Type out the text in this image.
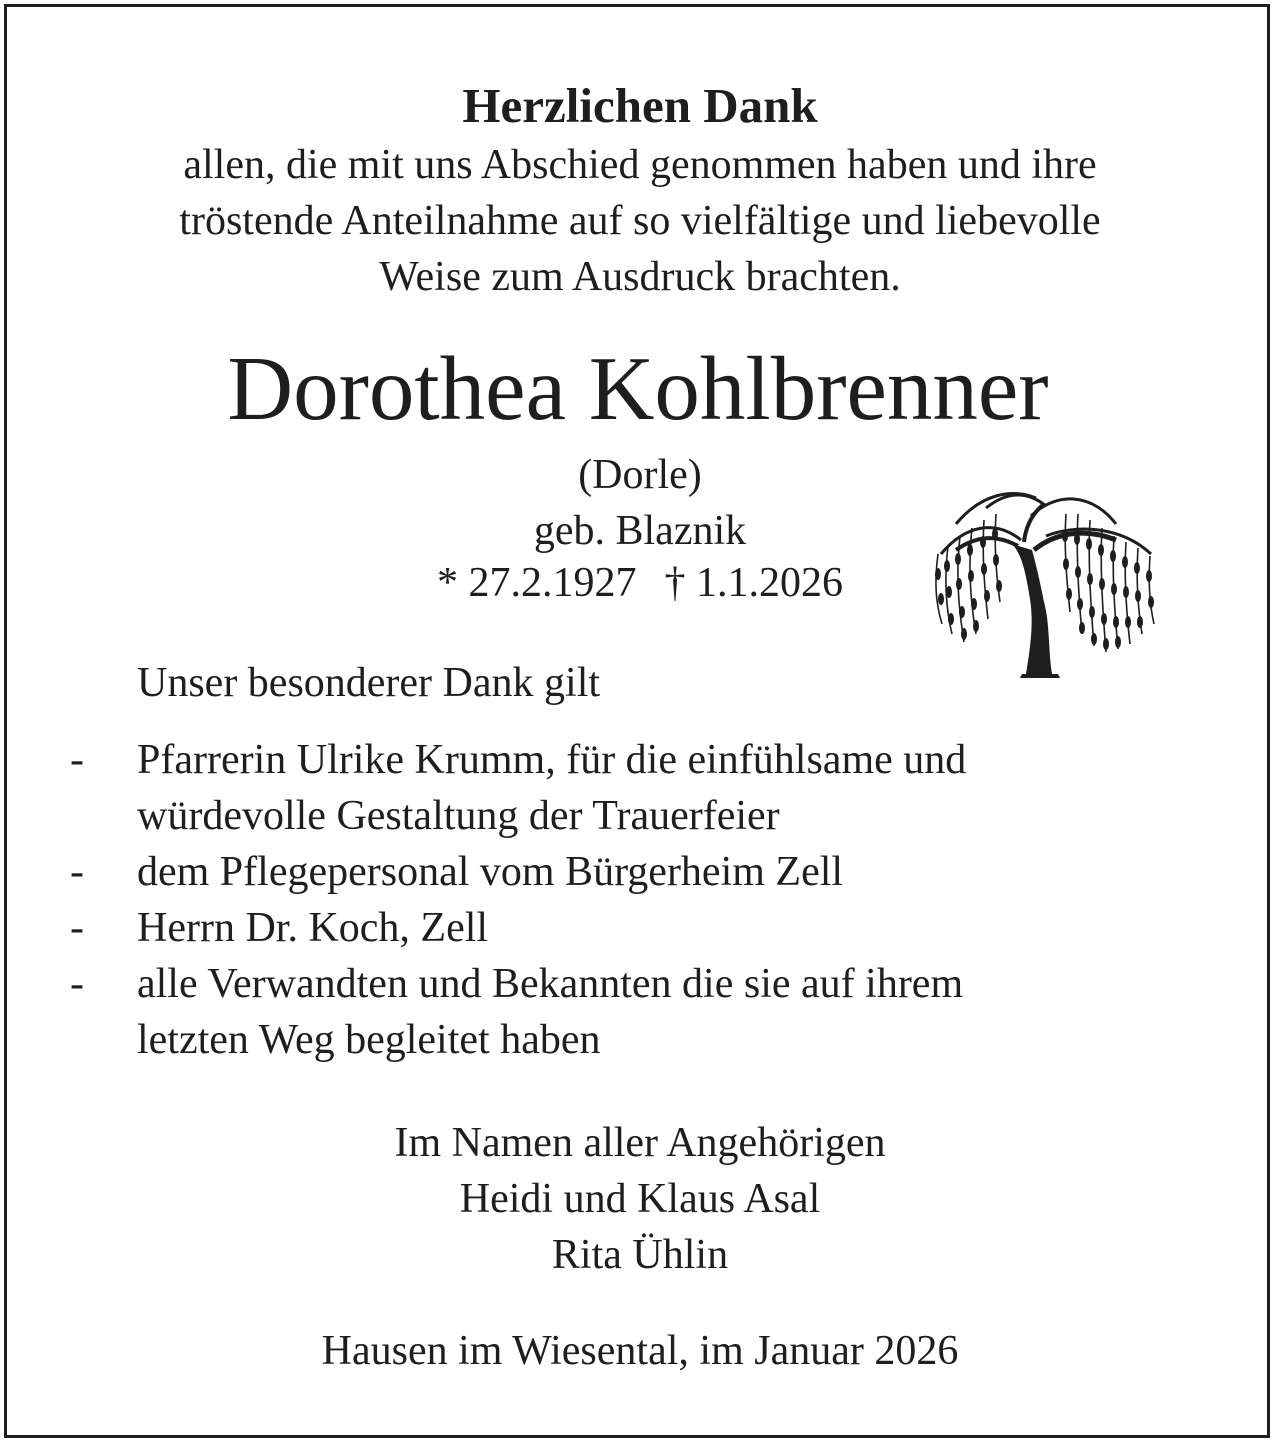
Herzlichen Dank
allen, die mit uns Abschied genommen haben und ihre
tröstende Anteilnahme auf so vielfältige und liebevolle
Weise zum Ausdruck brachten.
Dorothea Kohlbrenner
(Dorle)
geb. Blaznik
* 27.2.1927 † 1.1.2026
Unser besonderer Dank gilt
- Pfarrerin Ulrike Krumm, für die einfühlsame und
würdevolle Gestaltung der Trauerfeier
- dem Pflegepersonal vom Bürgerheim Zell
- Herrn Dr. Koch, Zell
- alle Verwandten und Bekannten die sie auf ihrem
letzten Weg begleitet haben
Im Namen aller Angehörigen
Heidi und Klaus Asal
Rita Ühlin
Hausen im Wiesental, im Januar 2026
